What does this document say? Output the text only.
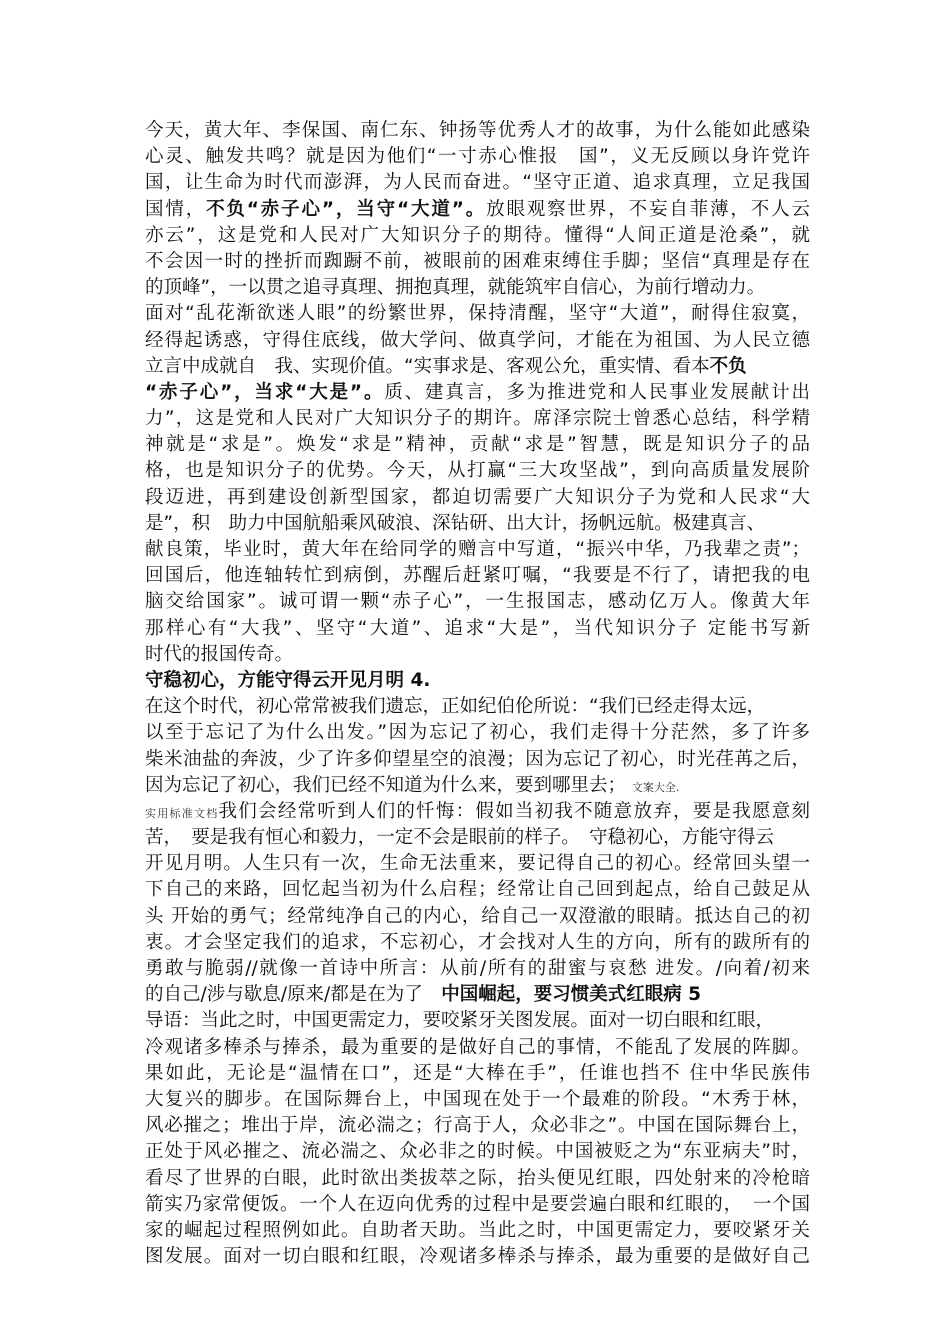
今天，黄大年、李保国、南仁东、钟扬等优秀人才的故事，为什么能如此感染
心灵、触发共鸣？就是因为他们“一寸赤心惟报　国”，义无反顾以身许党许
国，让生命为时代而澎湃，为人民而奋进。“坚守正道、追求真理，立足我国
国情，不负“赤子心”，当守“大道”。放眼观察世界，不妄自菲薄，不人云
亦云”，这是党和人民对广大知识分子的期待。懂得“人间正道是沧桑”，就
不会因一时的挫折而踟蹰不前，被眼前的困难束缚住手脚；坚信“真理是存在
的顶峰”，一以贯之追寻真理、拥抱真理，就能筑牢自信心，为前行增动力。
面对“乱花渐欲迷人眼”的纷繁世界，保持清醒，坚守“大道”，耐得住寂寞，
经得起诱惑，守得住底线，做大学问、做真学问，才能在为祖国、为人民立德
立言中成就自　我、实现价值。“实事求是、客观公允，重实情、看本不负
“赤子心”，当求“大是”。质、建真言，多为推进党和人民事业发展献计出
力”，这是党和人民对广大知识分子的期许。席泽宗院士曾悉心总结，科学精
神就是“求是”。焕发“求是”精神，贡献“求是”智慧，既是知识分子的品
格，也是知识分子的优势。今天，从打赢“三大攻坚战”，到向高质量发展阶
段迈进，再到建设创新型国家，都迫切需要广大知识分子为党和人民求“大
是”，积　助力中国航船乘风破浪、深钻研、出大计，扬帆远航。极建真言、
献良策，毕业时，黄大年在给同学的赠言中写道，“振兴中华，乃我辈之责”；
回国后，他连轴转忙到病倒，苏醒后赶紧叮嘱，“我要是不行了，请把我的电
脑交给国家”。诚可谓一颗“赤子心”，一生报国志，感动亿万人。像黄大年
那样心有“大我”、坚守“大道”、追求“大是”，当代知识分子 定能书写新
时代的报国传奇。
守稳初心，方能守得云开见月明 4.
在这个时代，初心常常被我们遗忘，正如纪伯伦所说：“我们已经走得太远，
以至于忘记了为什么出发。”因为忘记了初心，我们走得十分茫然，多了许多
柴米油盐的奔波，少了许多仰望星空的浪漫；因为忘记了初心，时光荏苒之后，
因为忘记了初心，我们已经不知道为什么来，要到哪里去； 文案大全.
实用标准文档我们会经常听到人们的忏悔：假如当初我不随意放弃，要是我愿意刻
苦，　要是我有恒心和毅力，一定不会是眼前的样子。　守稳初心，方能守得云
开见月明。人生只有一次，生命无法重来，要记得自己的初心。经常回头望一
下自己的来路，回忆起当初为什么启程；经常让自己回到起点，给自己鼓足从
头 开始的勇气；经常纯净自己的内心，给自己一双澄澈的眼睛。抵达自己的初
衷。才会坚定我们的追求，不忘初心，才会找对人生的方向，所有的跋所有的
勇敢与脆弱//就像一首诗中所言：从前/所有的甜蜜与哀愁 进发。/向着/初来
的自己/涉与歇息/原来/都是在为了　中国崛起，要习惯美式红眼病 5
导语：当此之时，中国更需定力，要咬紧牙关图发展。面对一切白眼和红眼，
冷观诸多棒杀与捧杀，最为重要的是做好自己的事情，不能乱了发展的阵脚。
果如此，无论是“温情在口”，还是“大棒在手”，任谁也挡不 住中华民族伟
大复兴的脚步。在国际舞台上，中国现在处于一个最难的阶段。“木秀于林，
风必摧之；堆出于岸，流必湍之；行高于人，众必非之”。中国在国际舞台上，
正处于风必摧之、流必湍之、众必非之的时候。中国被贬之为“东亚病夫”时，
看尽了世界的白眼，此时欲出类拔萃之际，抬头便见红眼，四处射来的冷枪暗
箭实乃家常便饭。一个人在迈向优秀的过程中是要尝遍白眼和红眼的，　一个国
家的崛起过程照例如此。自助者天助。当此之时，中国更需定力，要咬紧牙关
图发展。面对一切白眼和红眼，冷观诸多棒杀与捧杀，最为重要的是做好自己
